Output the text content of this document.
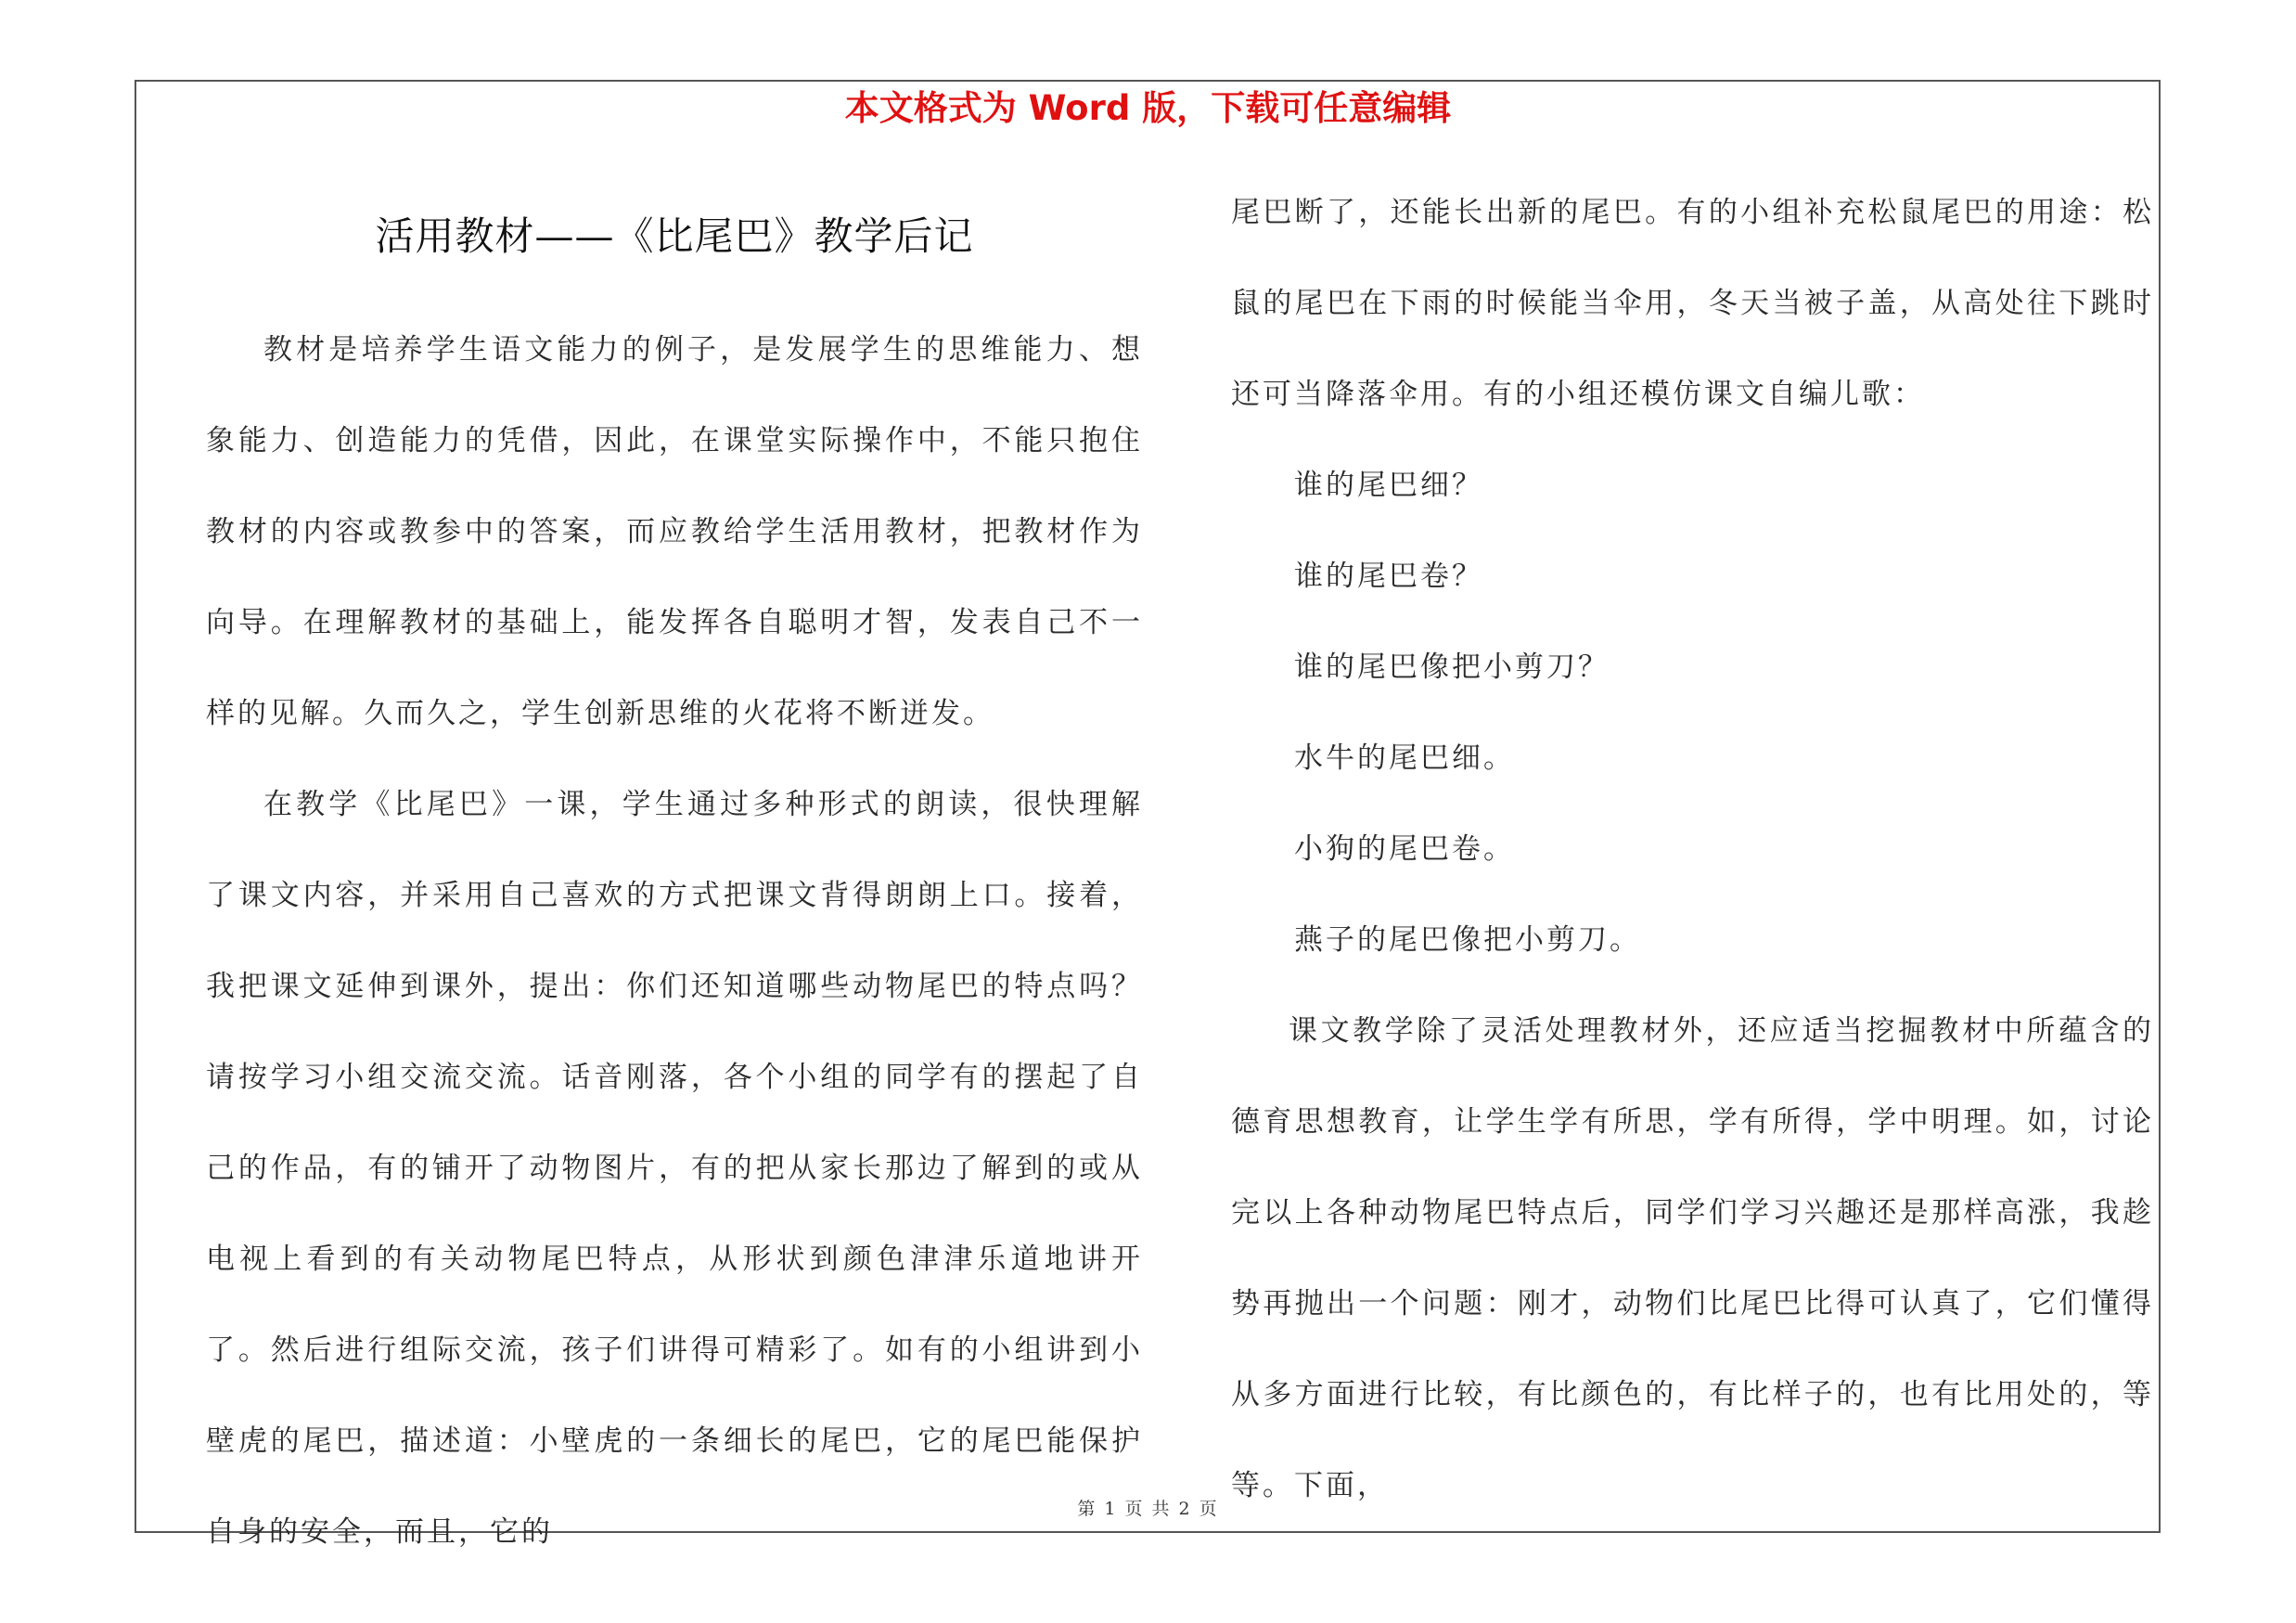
本文格式为 Word 版，下载可任意编辑
活用教材——《比尾巴》教学后记

教材是培养学生语文能力的例子，是发展学生的思维能力、想象能力、创造能力的凭借，因此，在课堂实际操作中，不能只抱住教材的内容或教参中的答案，而应教给学生活用教材，把教材作为向导。在理解教材的基础上，能发挥各自聪明才智，发表自己不一样的见解。久而久之，学生创新思维的火花将不断迸发。

在教学《比尾巴》一课，学生通过多种形式的朗读，很快理解了课文内容，并采用自己喜欢的方式把课文背得朗朗上口。接着，我把课文延伸到课外，提出：你们还知道哪些动物尾巴的特点吗？请按学习小组交流交流。话音刚落，各个小组的同学有的摆起了自己的作品，有的铺开了动物图片，有的把从家长那边了解到的或从电视上看到的有关动物尾巴特点，从形状到颜色津津乐道地讲开了。然后进行组际交流，孩子们讲得可精彩了。如有的小组讲到小壁虎的尾巴，描述道：小壁虎的一条细长的尾巴，它的尾巴能保护自身的安全，而且，它的

尾巴断了，还能长出新的尾巴。有的小组补充松鼠尾巴的用途：松鼠的尾巴在下雨的时候能当伞用，冬天当被子盖，从高处往下跳时还可当降落伞用。有的小组还模仿课文自编儿歌：

谁的尾巴细？

谁的尾巴卷？

谁的尾巴像把小剪刀？

水牛的尾巴细。

小狗的尾巴卷。

燕子的尾巴像把小剪刀。

课文教学除了灵活处理教材外，还应适当挖掘教材中所蕴含的德育思想教育，让学生学有所思，学有所得，学中明理。如，讨论完以上各种动物尾巴特点后，同学们学习兴趣还是那样高涨，我趁势再抛出一个问题：刚才，动物们比尾巴比得可认真了，它们懂得从多方面进行比较，有比颜色的，有比样子的，也有比用处的，等等。下面，

第 1 页 共 2 页
